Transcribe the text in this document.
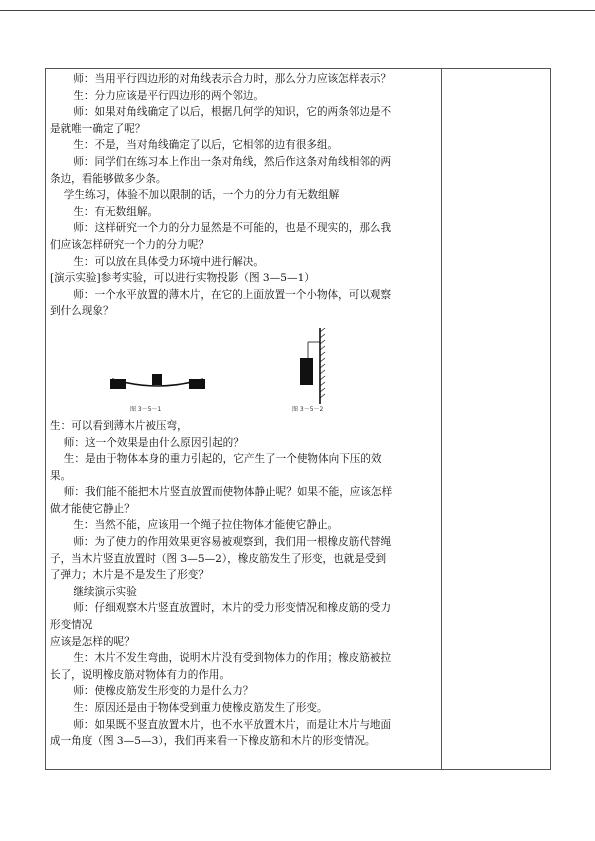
师：当用平行四边形的对角线表示合力时，那么分力应该怎样表示？

生：分力应该是平行四边形的两个邻边。

师：如果对角线确定了以后，根据几何学的知识，它的两条邻边是不

是就唯一确定了呢？

生：不是，当对角线确定了以后，它相邻的边有很多组。

师：同学们在练习本上作出一条对角线，然后作这条对角线相邻的两

条边，看能够做多少条。

学生练习，体验不加以限制的话，一个力的分力有无数组解

生：有无数组解。

师：这样研究一个力的分力显然是不可能的，也是不现实的，那么我

们应该怎样研究一个力的分力呢？

生：可以放在具体受力环境中进行解决。

[演示实验]参考实验，可以进行实物投影（图 3—5—1）

师：一个水平放置的薄木片，在它的上面放置一个小物体，可以观察

到什么现象？

图 3－5－1	图 3－5－2

生：可以看到薄木片被压弯，

师：这一个效果是由什么原因引起的？

生：是由于物体本身的重力引起的，它产生了一个使物体向下压的效

果。

师：我们能不能把木片竖直放置而使物体静止呢？如果不能，应该怎样

做才能使它静止？

生：当然不能，应该用一个绳子拉住物体才能使它静止。

师：为了使力的作用效果更容易被观察到，我们用一根橡皮筋代替绳

子，当木片竖直放置时（图 3—5—2），橡皮筋发生了形变，也就是受到

了弹力；木片是不是发生了形变？

继续演示实验

师：仔细观察木片竖直放置时，木片的受力形变情况和橡皮筋的受力

形变情况

应该是怎样的呢？

生：木片不发生弯曲，说明木片没有受到物体力的作用；橡皮筋被拉

长了，说明橡皮筋对物体有力的作用。

师：使橡皮筋发生形变的力是什么力？

生：原因还是由于物体受到重力使橡皮筋发生了形变。

师：如果既不竖直放置木片，也不水平放置木片，而是让木片与地面

成一角度（图 3—5—3），我们再来看一下橡皮筋和木片的形变情况。
